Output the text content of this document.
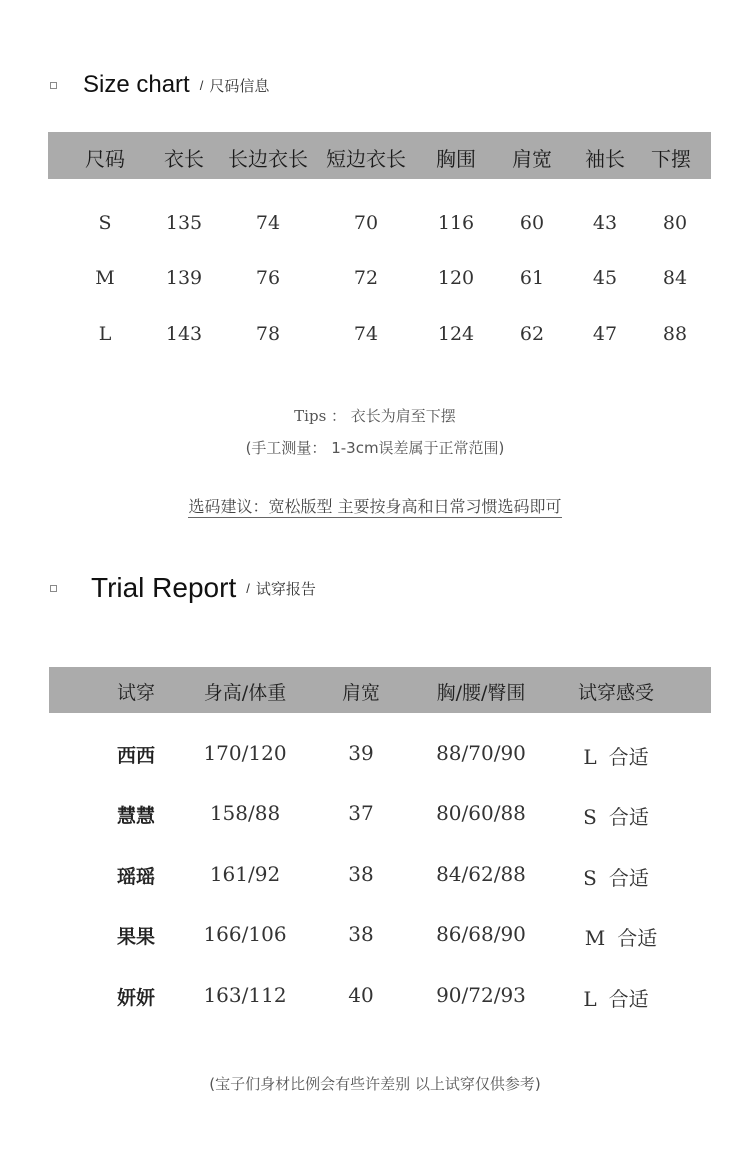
Size chart / 尺码信息
尺码 衣长 长边衣长 短边衣长 胸围 肩宽 袖长 下摆
S	135	74	70	116 60	43 80
M	139	76	72	120 61	45 84
L	143	78	74	124 62	47 88
Tips ： 衣长为肩至下摆
(手工测量： 1-3cm误差属于正常范围)
选码建议：宽松版型 主要按身高和日常习惯选码即可
Trial Report / 试穿报告
试穿	身高/体重	肩宽	胸/腰/臀围	试穿感受
西西 170/120	39	88/70/90	L 合适
慧慧	158/88	37	80/60/88	S 合适
瑶瑶	161/92	38	84/62/88	S 合适
果果 166/106	38	86/68/90	M 合适
妍妍 163/112	40	90/72/93	L 合适
(宝子们身材比例会有些许差别 以上试穿仅供参考)
